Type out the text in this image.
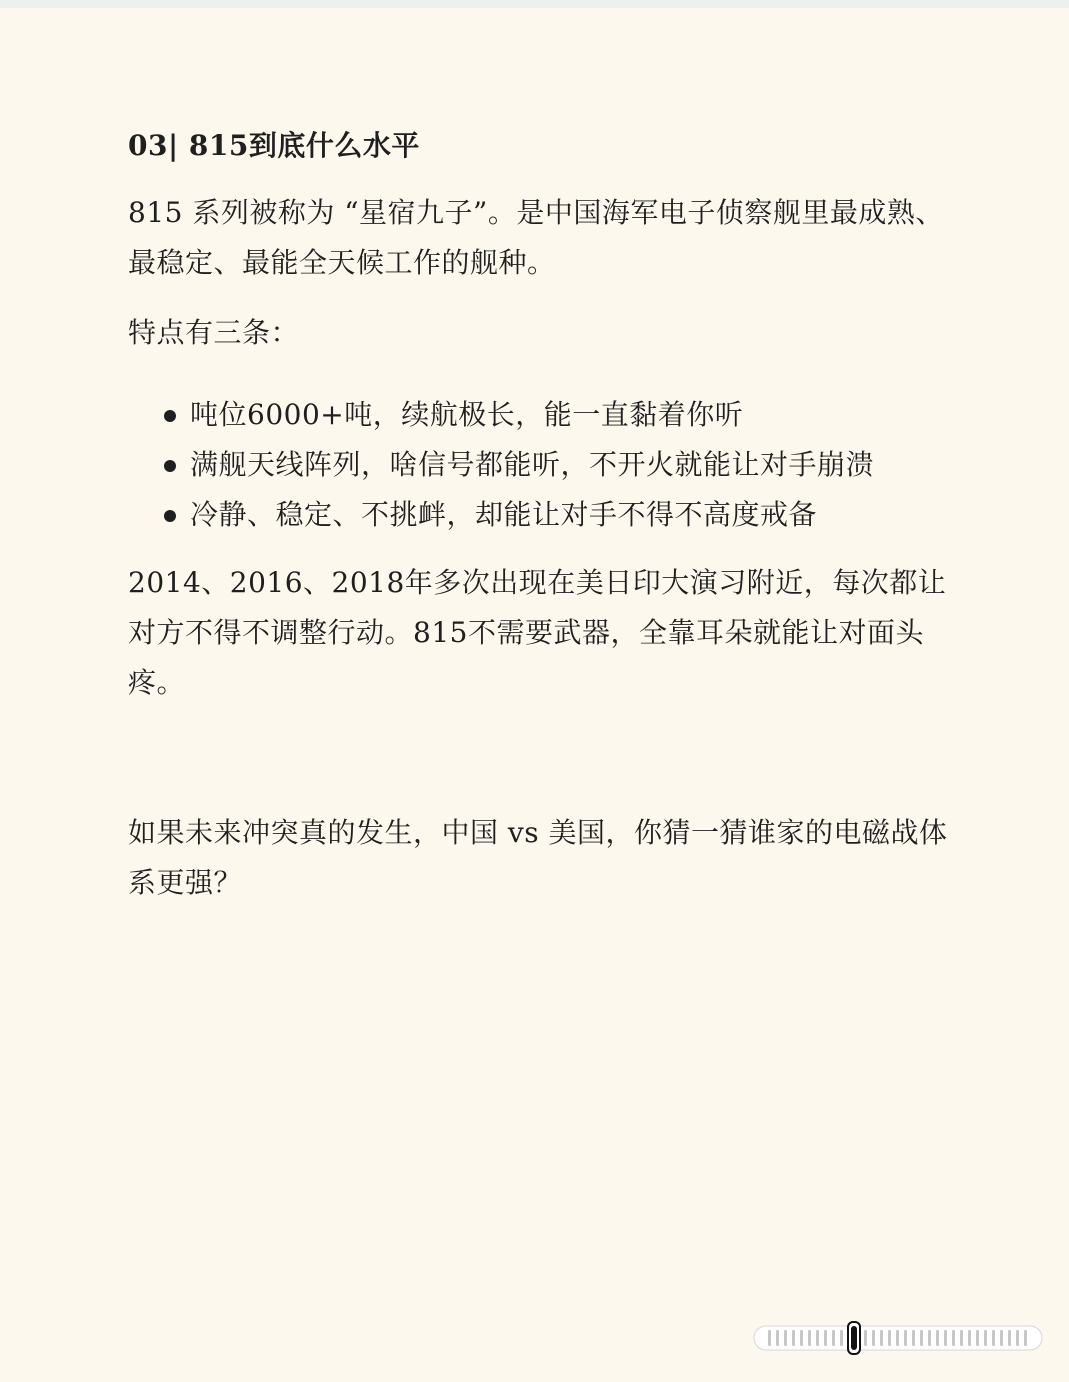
03| 815到底什么水平

815 系列被称为 “星宿九子”。是中国海军电子侦察舰里最成熟、最稳定、最能全天候工作的舰种。

特点有三条：

吨位6000+吨，续航极长，能一直黏着你听
满舰天线阵列，啥信号都能听，不开火就能让对手崩溃
冷静、稳定、不挑衅，却能让对手不得不高度戒备

2014、2016、2018年多次出现在美日印大演习附近，每次都让对方不得不调整行动。815不需要武器，全靠耳朵就能让对面头疼。

如果未来冲突真的发生，中国 vs 美国，你猜一猜谁家的电磁战体系更强？
